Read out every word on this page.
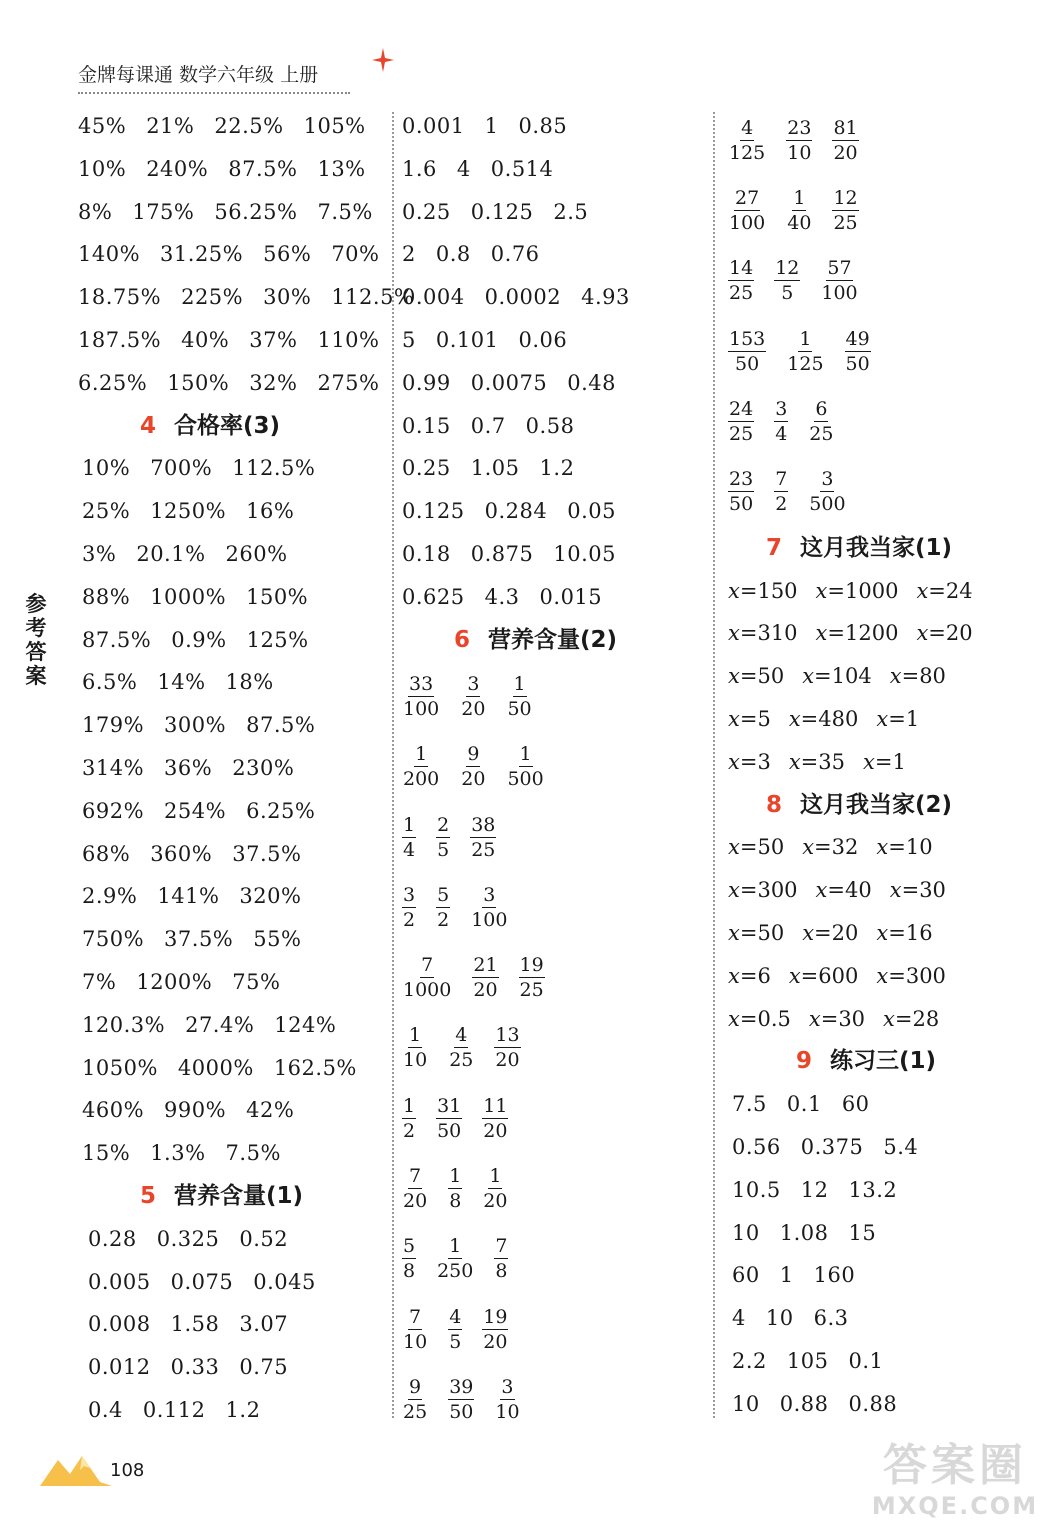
金牌每课通 数学六年级 上册
45% 21% 22.5% 105%
10% 240% 87.5% 13%
8% 175% 56.25% 7.5%
140% 31.25% 56% 70%
18.75% 225% 30% 112.5%
187.5% 40% 37% 110%
6.25% 150% 32% 275%
4 合格率(3)
10% 700% 112.5%
25% 1250% 16%
3% 20.1% 260%
88% 1000% 150%
87.5% 0.9% 125%
6.5% 14% 18%
179% 300% 87.5%
314% 36% 230%
692% 254% 6.25%
68% 360% 37.5%
2.9% 141% 320%
750% 37.5% 55%
7% 1200% 75%
120.3% 27.4% 124%
1050% 4000% 162.5%
460% 990% 42%
15% 1.3% 7.5%
5 营养含量(1)
0.28 0.325 0.52
0.005 0.075 0.045
0.008 1.58 3.07
0.012 0.33 0.75
0.4 0.112 1.2
0.001 1 0.85
1.6 4 0.514
0.25 0.125 2.5
2 0.8 0.76
0.004 0.0002 4.93
5 0.101 0.06
0.99 0.0075 0.48
0.15 0.7 0.58
0.25 1.05 1.2
0.125 0.284 0.05
0.18 0.875 10.05
0.625 4.3 0.015
6 营养含量(2)
$\frac{33}{100} \frac{3}{20} \frac{1}{50}$
$\frac{1}{200} \frac{9}{20} \frac{1}{500}$
$\frac{1}{4} \frac{2}{5} \frac{38}{25}$
$\frac{3}{2} \frac{5}{2} \frac{3}{100}$
$\frac{7}{1000} \frac{21}{20} \frac{19}{25}$
$\frac{1}{10} \frac{4}{25} \frac{13}{20}$
$\frac{1}{2} \frac{31}{50} \frac{11}{20}$
$\frac{7}{20} \frac{1}{8} \frac{1}{20}$
$\frac{5}{8} \frac{1}{250} \frac{7}{8}$
$\frac{7}{10} \frac{4}{5} \frac{19}{20}$
$\frac{9}{25} \frac{39}{50} \frac{3}{10}$
$\frac{4}{125} \frac{23}{10} \frac{81}{20}$
$\frac{27}{100} \frac{1}{40} \frac{12}{25}$
$\frac{14}{25} \frac{12}{5} \frac{57}{100}$
$\frac{153}{50} \frac{1}{125} \frac{49}{50}$
$\frac{24}{25} \frac{3}{4} \frac{6}{25}$
$\frac{23}{50} \frac{7}{2} \frac{3}{500}$
7 这月我当家(1)
x=150 x=1000 x=24
x=310 x=1200 x=20
x=50 x=104 x=80
x=5 x=480 x=1
x=3 x=35 x=1
8 这月我当家(2)
x=50 x=32 x=10
x=300 x=40 x=30
x=50 x=20 x=16
x=6 x=600 x=300
x=0.5 x=30 x=28
9 练习三(1)
7.5 0.1 60
0.56 0.375 5.4
10.5 12 13.2
10 1.08 15
60 1 160
4 10 6.3
2.2 105 0.1
10 0.88 0.88
参
考
答
案
108	答案圈
MXQE.COM
